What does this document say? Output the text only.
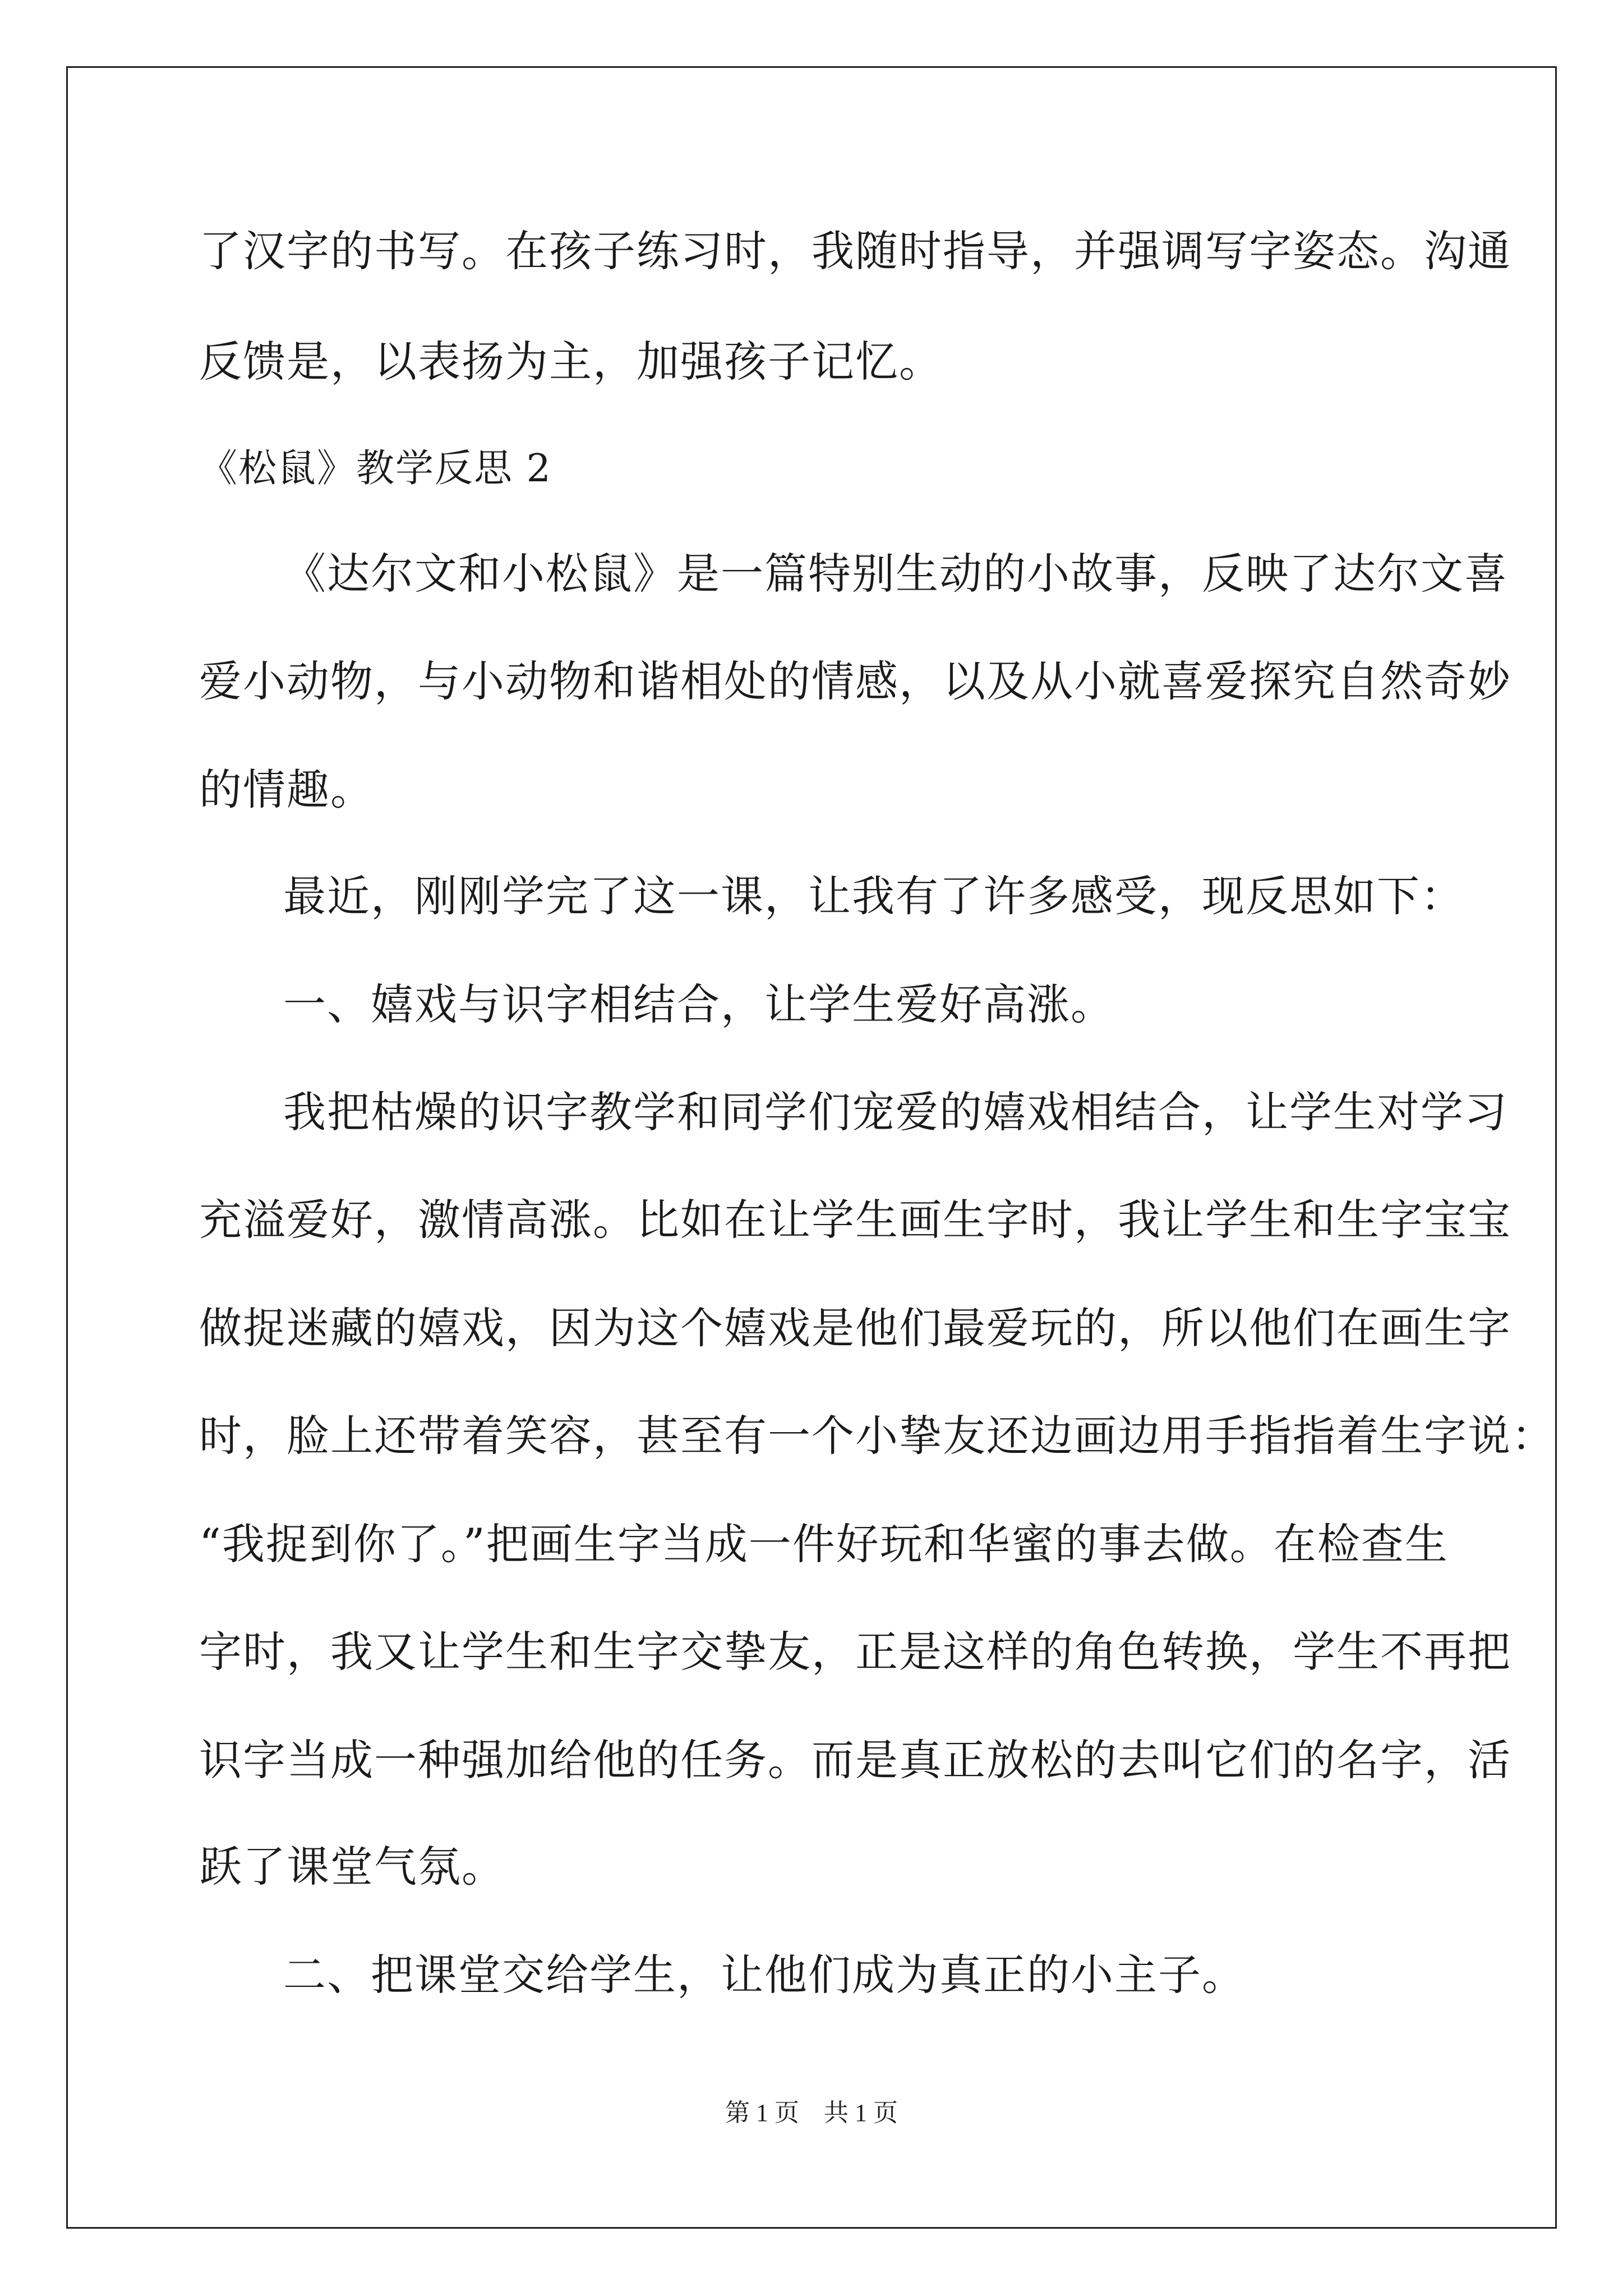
了汉字的书写。在孩子练习时，我随时指导，并强调写字姿态。沟通
反馈是，以表扬为主，加强孩子记忆。
《松鼠》教学反思 2
《达尔文和小松鼠》是一篇特别生动的小故事，反映了达尔文喜
爱小动物，与小动物和谐相处的情感，以及从小就喜爱探究自然奇妙
的情趣。
最近，刚刚学完了这一课，让我有了许多感受，现反思如下：
一、嬉戏与识字相结合，让学生爱好高涨。
我把枯燥的识字教学和同学们宠爱的嬉戏相结合，让学生对学习
充溢爱好，激情高涨。比如在让学生画生字时，我让学生和生字宝宝
做捉迷藏的嬉戏，因为这个嬉戏是他们最爱玩的，所以他们在画生字
时，脸上还带着笑容，甚至有一个小挚友还边画边用手指指着生字说：
“我捉到你了。”把画生字当成一件好玩和华蜜的事去做。在检查生
字时，我又让学生和生字交挚友，正是这样的角色转换，学生不再把
识字当成一种强加给他的任务。而是真正放松的去叫它们的名字，活
跃了课堂气氛。
二、把课堂交给学生，让他们成为真正的小主子。
第 1 页　共 1 页
